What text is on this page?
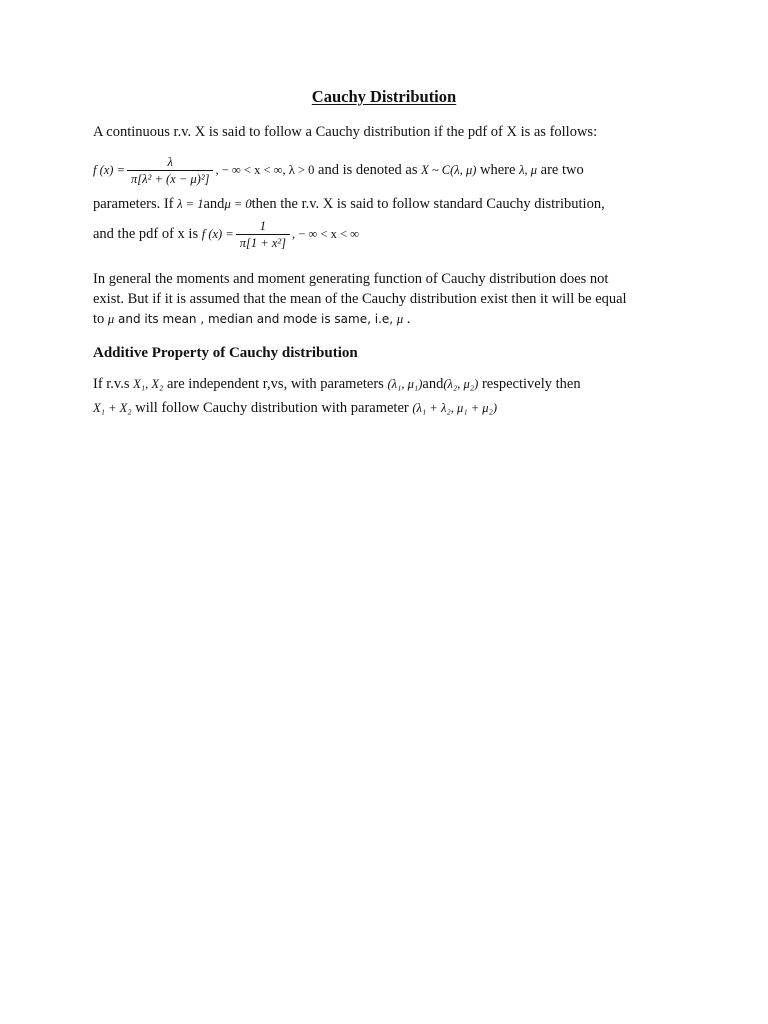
Cauchy Distribution
A continuous r.v. X is said to follow a Cauchy distribution if the pdf of X is as follows:
f $(x) = \frac{\lambda}{\text{π[λ² + (x − μ)²]}}$ , − ∞ < x < ∞, λ > 0 and is denoted as X ~ C(λ, μ) where λ, μ are two
parameters. If λ = 1andμ = 0then the r.v. X is said to follow standard Cauchy distribution,
and the pdf of x is f $(x) = \frac{1}{\text{π[1 + x²]}}$ , − ∞ < x < ∞
In general the moments and moment generating function of Cauchy distribution does not
exist. But if it is assumed that the mean of the Cauchy distribution exist then it will be equal
to μ and its mean , median and mode is same, i.e, μ .
Additive Property of Cauchy distribution
If r.v.s X₁, X₂ are independent r,vs, with parameters (λ₁, μ₁)and(λ₂, μ₂) respectively then
X₁ + X₂ will follow Cauchy distribution with parameter (λ₁ + λ₂, μ₁ + μ₂)
